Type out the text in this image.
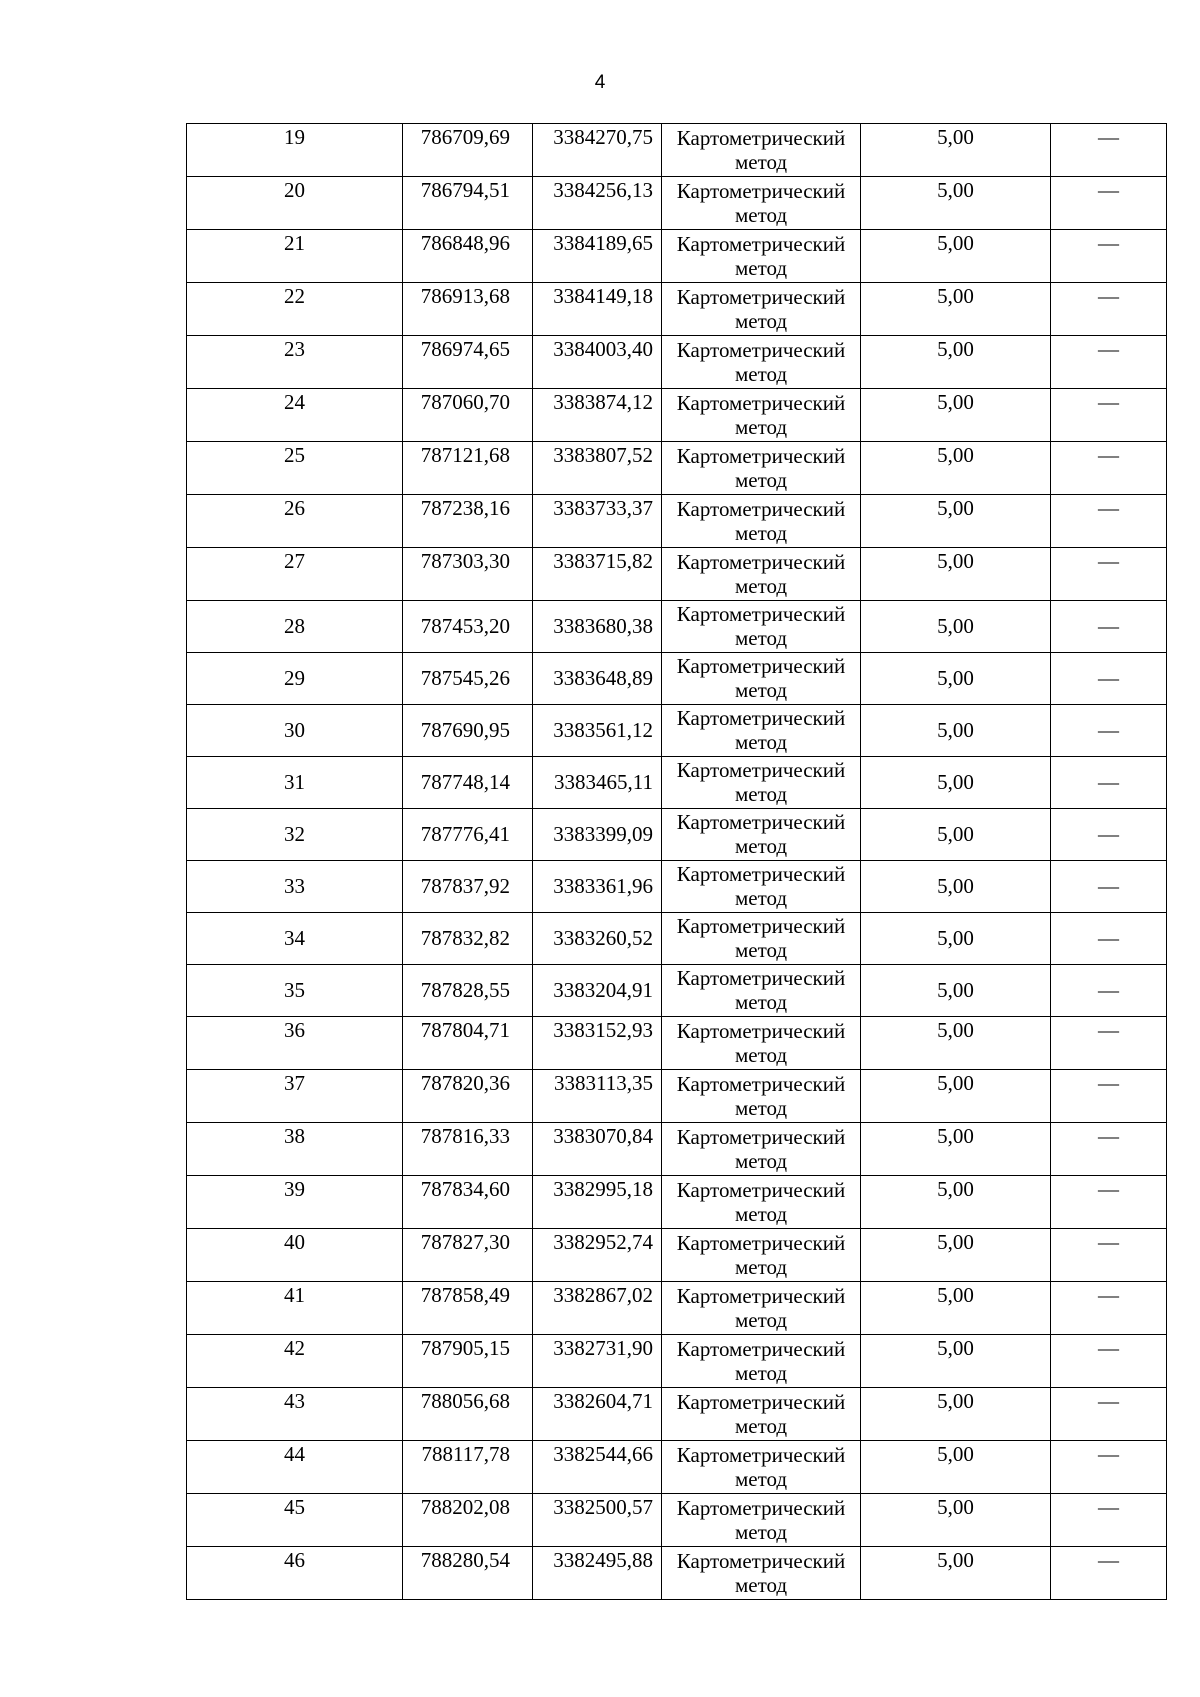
4
19	786709,69	3384270,75	Картометрический метод	5,00	—
20	786794,51	3384256,13	Картометрический метод	5,00	—
21	786848,96	3384189,65	Картометрический метод	5,00	—
22	786913,68	3384149,18	Картометрический метод	5,00	—
23	786974,65	3384003,40	Картометрический метод	5,00	—
24	787060,70	3383874,12	Картометрический метод	5,00	—
25	787121,68	3383807,52	Картометрический метод	5,00	—
26	787238,16	3383733,37	Картометрический метод	5,00	—
27	787303,30	3383715,82	Картометрический метод	5,00	—
28	787453,20	3383680,38	Картометрический метод	5,00	—
29	787545,26	3383648,89	Картометрический метод	5,00	—
30	787690,95	3383561,12	Картометрический метод	5,00	—
31	787748,14	3383465,11	Картометрический метод	5,00	—
32	787776,41	3383399,09	Картометрический метод	5,00	—
33	787837,92	3383361,96	Картометрический метод	5,00	—
34	787832,82	3383260,52	Картометрический метод	5,00	—
35	787828,55	3383204,91	Картометрический метод	5,00	—
36	787804,71	3383152,93	Картометрический метод	5,00	—
37	787820,36	3383113,35	Картометрический метод	5,00	—
38	787816,33	3383070,84	Картометрический метод	5,00	—
39	787834,60	3382995,18	Картометрический метод	5,00	—
40	787827,30	3382952,74	Картометрический метод	5,00	—
41	787858,49	3382867,02	Картометрический метод	5,00	—
42	787905,15	3382731,90	Картометрический метод	5,00	—
43	788056,68	3382604,71	Картометрический метод	5,00	—
44	788117,78	3382544,66	Картометрический метод	5,00	—
45	788202,08	3382500,57	Картометрический метод	5,00	—
46	788280,54	3382495,88	Картометрический метод	5,00	—
